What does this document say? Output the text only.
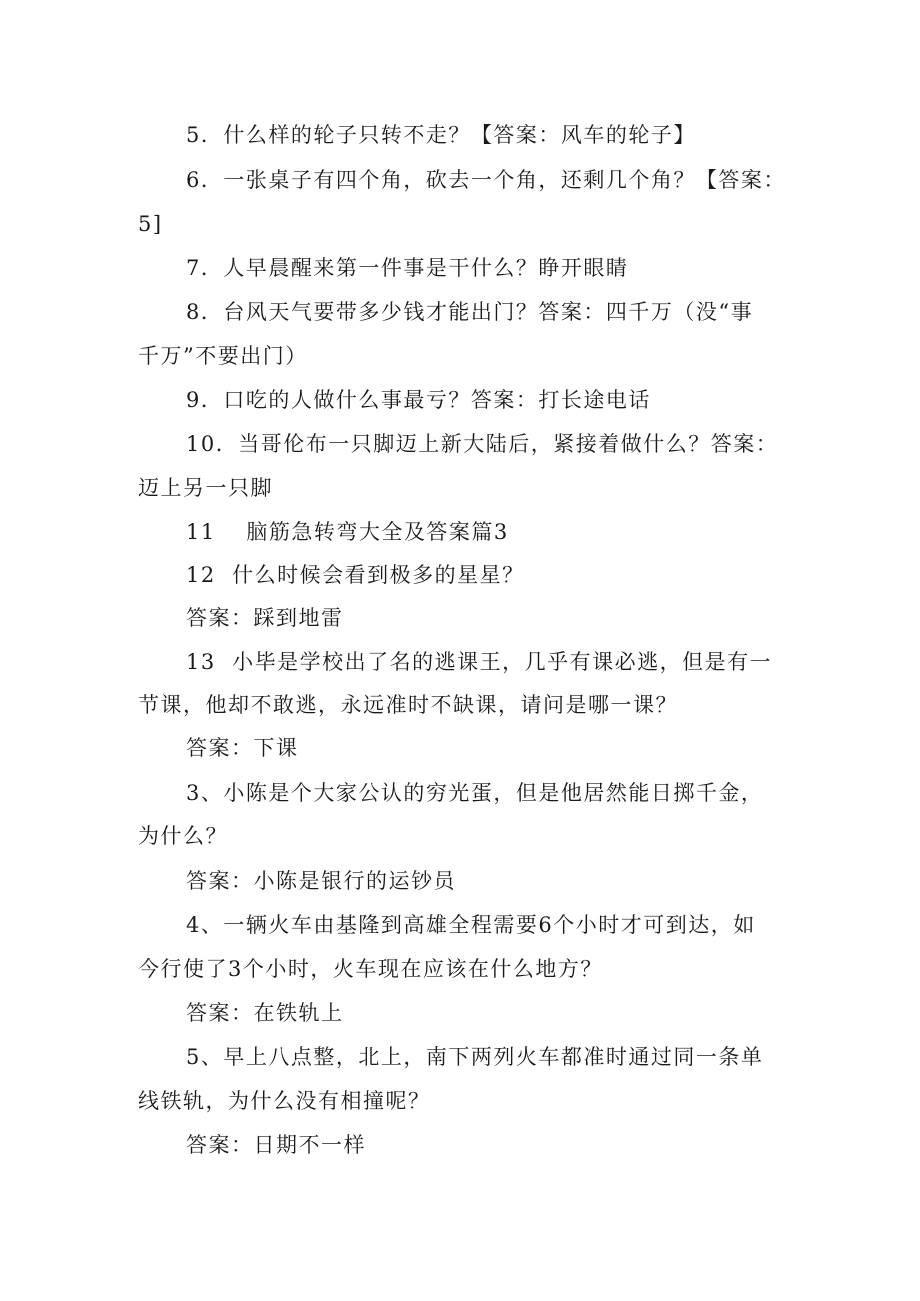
5．什么样的轮子只转不走？【答案：风车的轮子】
6．一张桌子有四个角，砍去一个角，还剩几个角？【答案：
5]
7．人早晨醒来第一件事是干什么？睁开眼睛
8．台风天气要带多少钱才能出门？答案：四千万（没“事
千万”不要出门）
9．口吃的人做什么事最亏？答案：打长途电话
10．当哥伦布一只脚迈上新大陆后，紧接着做什么？答案：
迈上另一只脚
11　 脑筋急转弯大全及答案篇3
12  什么时候会看到极多的星星？
答案：踩到地雷
13  小毕是学校出了名的逃课王，几乎有课必逃，但是有一
节课，他却不敢逃，永远准时不缺课，请问是哪一课？
答案：下课
3、小陈是个大家公认的穷光蛋，但是他居然能日掷千金，
为什么？
答案：小陈是银行的运钞员
4、一辆火车由基隆到高雄全程需要6个小时才可到达，如
今行使了3个小时，火车现在应该在什么地方？
答案：在铁轨上
5、早上八点整，北上，南下两列火车都准时通过同一条单
线铁轨，为什么没有相撞呢？
答案：日期不一样
